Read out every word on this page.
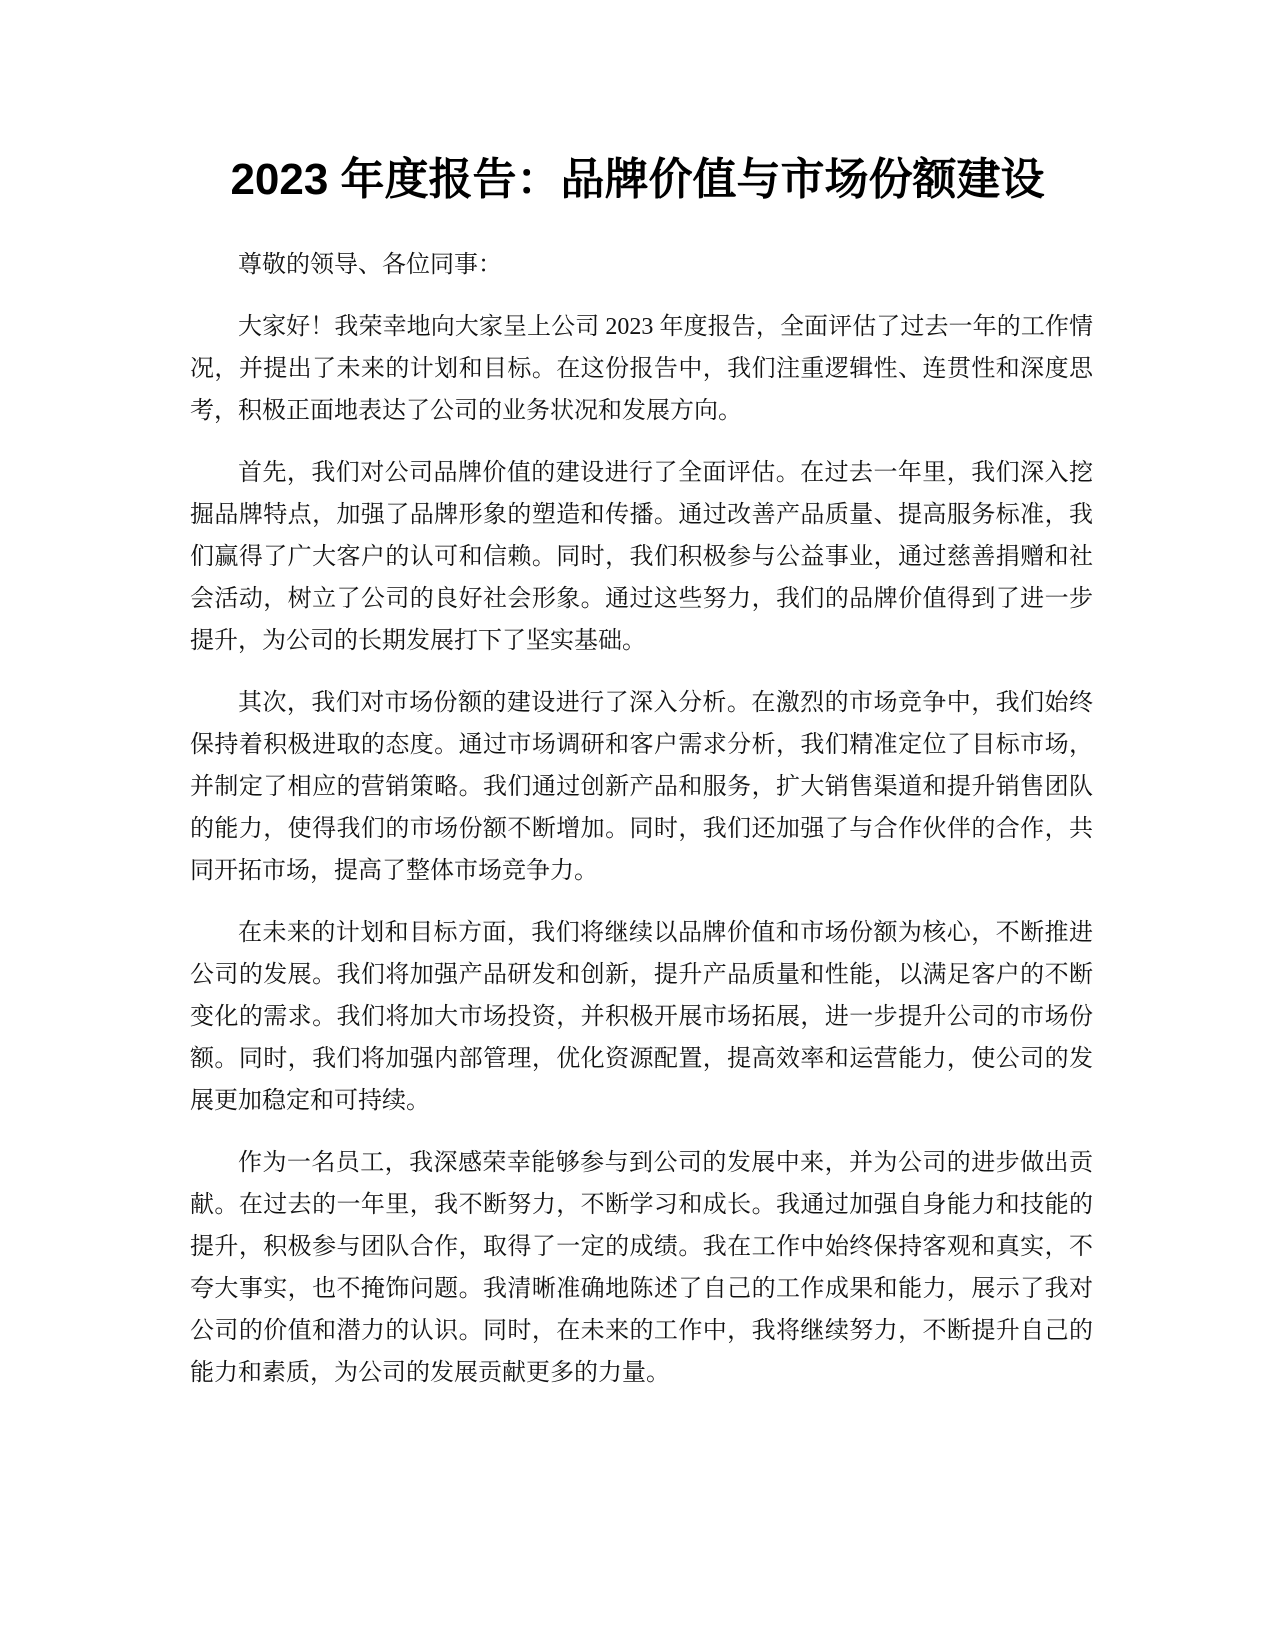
2023 年度报告：品牌价值与市场份额建设

尊敬的领导、各位同事：

大家好！我荣幸地向大家呈上公司 2023 年度报告，全面评估了过去一年的工作情况，并提出了未来的计划和目标。在这份报告中，我们注重逻辑性、连贯性和深度思考，积极正面地表达了公司的业务状况和发展方向。

首先，我们对公司品牌价值的建设进行了全面评估。在过去一年里，我们深入挖掘品牌特点，加强了品牌形象的塑造和传播。通过改善产品质量、提高服务标准，我们赢得了广大客户的认可和信赖。同时，我们积极参与公益事业，通过慈善捐赠和社会活动，树立了公司的良好社会形象。通过这些努力，我们的品牌价值得到了进一步提升，为公司的长期发展打下了坚实基础。

其次，我们对市场份额的建设进行了深入分析。在激烈的市场竞争中，我们始终保持着积极进取的态度。通过市场调研和客户需求分析，我们精准定位了目标市场，并制定了相应的营销策略。我们通过创新产品和服务，扩大销售渠道和提升销售团队的能力，使得我们的市场份额不断增加。同时，我们还加强了与合作伙伴的合作，共同开拓市场，提高了整体市场竞争力。

在未来的计划和目标方面，我们将继续以品牌价值和市场份额为核心，不断推进公司的发展。我们将加强产品研发和创新，提升产品质量和性能，以满足客户的不断变化的需求。我们将加大市场投资，并积极开展市场拓展，进一步提升公司的市场份额。同时，我们将加强内部管理，优化资源配置，提高效率和运营能力，使公司的发展更加稳定和可持续。

作为一名员工，我深感荣幸能够参与到公司的发展中来，并为公司的进步做出贡献。在过去的一年里，我不断努力，不断学习和成长。我通过加强自身能力和技能的提升，积极参与团队合作，取得了一定的成绩。我在工作中始终保持客观和真实，不夸大事实，也不掩饰问题。我清晰准确地陈述了自己的工作成果和能力，展示了我对公司的价值和潜力的认识。同时，在未来的工作中，我将继续努力，不断提升自己的能力和素质，为公司的发展贡献更多的力量。
